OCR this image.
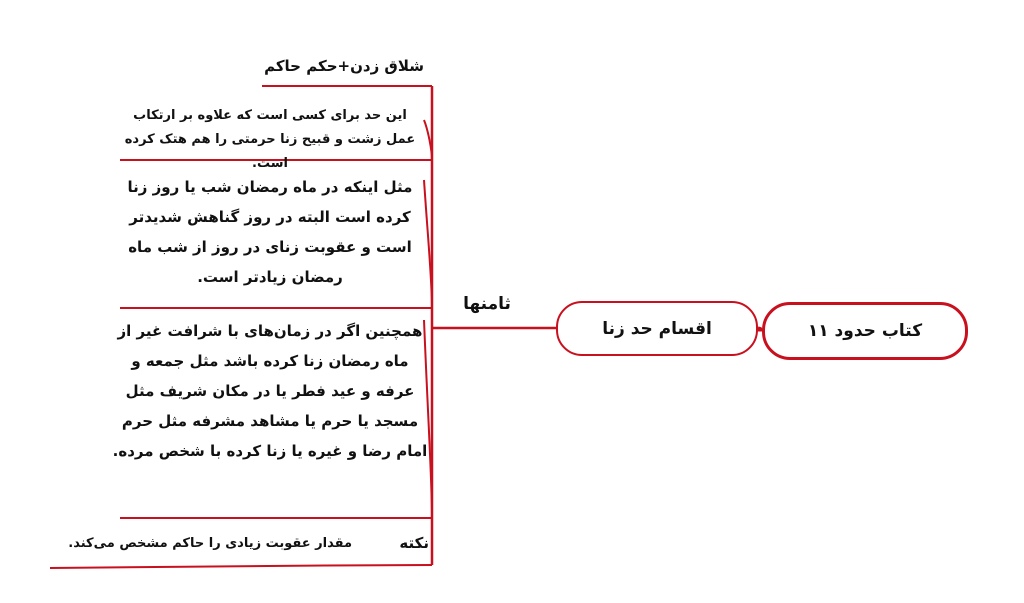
کتاب حدود ۱۱
اقسام حد زنا
ثامنها
شلاق زدن+حکم حاکم
این حد برای کسی است که علاوه بر ارتکاب عمل زشت و قبیح زنا حرمتی را هم هتک کرده است.
مثل اینکه در ماه رمضان شب یا روز زنا کرده است البته در روز گناهش شدیدتر است و عقوبت زنای در روز از شب ماه رمضان زیادتر است.
همچنین اگر در زمان‌های با شرافت غیر از ماه رمضان زنا کرده باشد مثل جمعه و عرفه و عید فطر یا در مکان شریف مثل مسجد یا حرم یا مشاهد مشرفه مثل حرم امام رضا و غیره یا زنا کرده با شخص مرده.
نکته
مقدار عقوبت زیادی را حاکم مشخص می‌کند.
